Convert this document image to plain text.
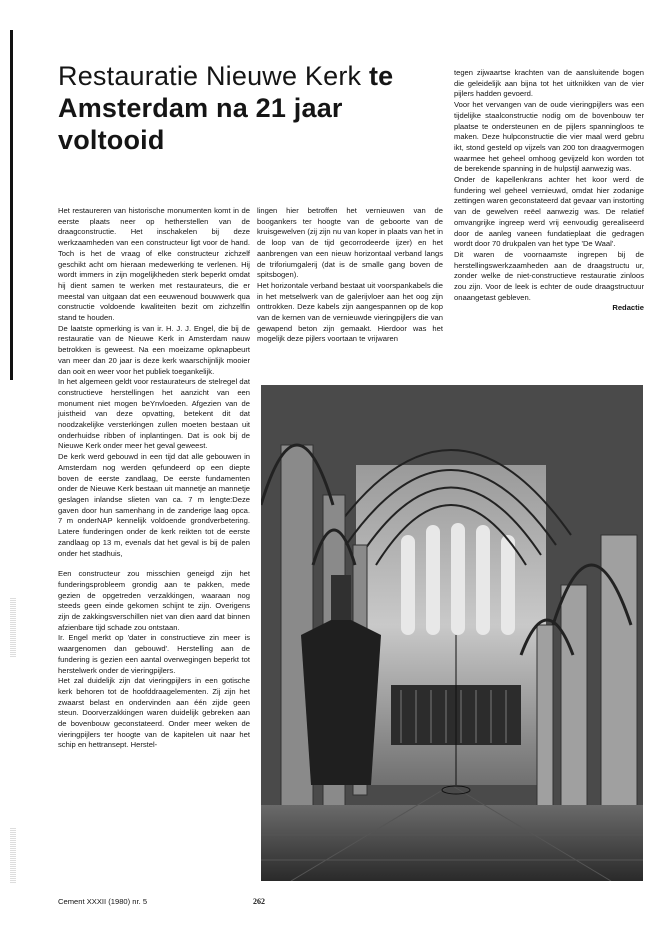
Restauratie Nieuwe Kerk te
Amsterdam na 21 jaar voltooid

Het restaureren van historische monumenten komt in de eerste plaats neer op hetherstellen van de draagconstructie. Het inschakelen bij deze werkzaamheden van een constructeur ligt voor de hand. Toch is het de vraag of elke constructeur zichzelf geschikt acht om hieraan medewerking te verlenen. Hij wordt immers in zijn mogelijkheden sterk beperkt omdat hij dient samen te werken met restaurateurs, die er meestal van uitgaan dat een eeuwenoud bouwwerk qua constructie voldoende kwaliteiten bezit om zichzelfin stand te houden.

De laatste opmerking is van ir. H. J. J. Engel, die bij de restauratie van de Nieuwe Kerk in Amsterdam nauw betrokken is geweest. Na een moeizame opknapbeurt van meer dan 20 jaar is deze kerk waarschijnlijk mooier dan ooit en weer voor het publiek toegankelijk.

In het algemeen geldt voor restaurateurs de stelregel dat constructieve herstellingen het aanzicht van een monument niet mogen beYnvloeden. Afgezien van de juistheid van deze opvatting, betekent dit dat noodzakelijke versterkingen zullen moeten bestaan uit onderhuidse ribben of inplantingen. Dat is ook bij de Nieuwe Kerk onder meer het geval geweest.

De kerk werd gebouwd in een tijd dat alle gebouwen in Amsterdam nog werden qefundeerd op een diepte boven de eerste zandlaag, De eerste fundamenten onder de Nieuwe Kerk bestaan uit mannetje an mannetje geslagen inlandse slieten van ca. 7 m lengte:Deze gaven door hun samenhang in de zanderige laag opca. 7 m onderNAP kennelijk voldoende grondverbetering. Latere funderingen onder de kerk reikten tot de eerste zandlaag op 13 m, evenals dat het geval is bij de palen onder het stadhuis,

Een constructeur zou misschien geneigd zijn het funderingsprobleem grondig aan te pakken, mede gezien de opgetreden verzakkingen, waaraan nog steeds geen einde gekomen schijnt te zijn. Overigens zijn de zakkingsverschillen niet van dien aard dat binnen afzienbare tijd schade zou ontstaan.

Ir. Engel merkt op 'dater in constructieve zin meer is waargenomen dan gebouwd'. Herstelling aan de fundering is gezien een aantal overwegingen beperkt tot herstelwerk onder de vieringpijlers.

Het zal duidelijk zijn dat vieringpijlers in een gotische kerk behoren tot de hoofddraagelementen. Zij zijn het zwaarst belast en ondervinden aan één zijde geen steun. Doorverzakkingen waren duidelijk gebreken aan de bovenbouw geconstateerd. Onder meer weken de vieringpijlers ter hoogte van de kapitelen uit naar het schip en hettransept. Herstel-

lingen hier betroffen het vernieuwen van de boogankers ter hoogte van de geboorte van de kruisgewelven (zij zijn nu van koper in plaats van het in de loop van de tijd gecorrodeerde ijzer) en het aanbrengen van een nieuw horizontaal verband langs de triforiumgalerij (dat is de smalle gang boven de spitsbogen).

Het horizontale verband bestaat uit voorspankabels die in het metselwerk van de galerijvloer aan het oog zijn onttrokken. Deze kabels zijn aangespannen op de kop van de kernen van de vernieuwde vieringpijlers die van gewapend beton zijn gemaakt. Hierdoor was het mogelijk deze pijlers voortaan te vrijwaren

tegen zijwaartse krachten van de aansluitende bogen die geleidelijk aan bijna tot het uitknikken van de vier pijlers hadden gevoerd.

Voor het vervangen van de oude vieringpijlers was een tijdelijke staalconstructie nodig om de bovenbouw ter plaatse te ondersteunen en de pijlers spanningloos te maken. Deze hulpconstructie die vier maal werd gebru ikt, stond gesteld op vijzels van 200 ton draagvermogen waarmee het geheel omhoog gevijzeld kon worden tot de berekende spanning in de hulpstijl aanwezig was.

Onder de kapellenkrans achter het koor werd de fundering wel geheel vernieuwd, omdat hier zodanige zettingen waren geconstateerd dat gevaar van instorting van de gewelven reëel aanwezig was. De relatief omvangrijke ingreep werd vrij eenvoudig gerealiseerd door de aanleg vaneen fundatieplaat die gedragen wordt door 70 drukpalen van het type 'De Waal'.

Dit waren de voornaamste ingrepen bij de herstellingswerkzaamheden aan de draagstructu ur, zonder welke de niet-constructieve restauratie zinloos zou zijn. Voor de leek is echter de oude draagstructuur onaangetast gebleven.

Redactie

Cement XXXII (1980) nr. 5	262
